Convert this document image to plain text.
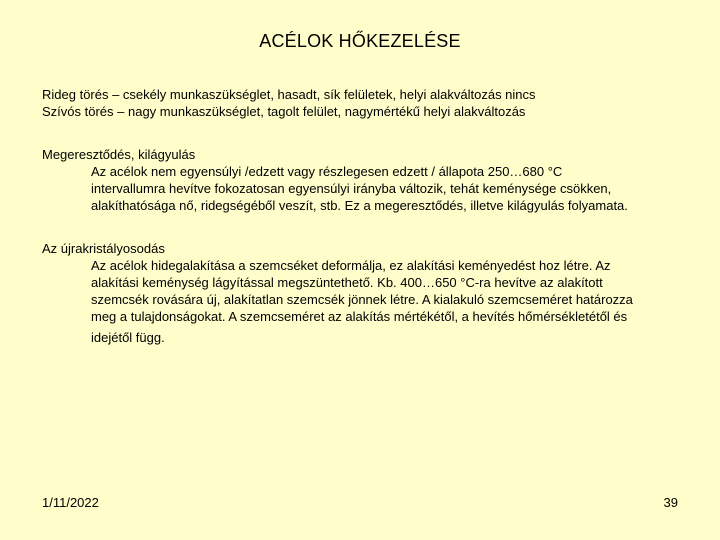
ACÉLOK HŐKEZELÉSE
Rideg törés – csekély munkaszükséglet, hasadt, sík felületek, helyi alakváltozás nincs
Szívós törés – nagy munkaszükséglet, tagolt felület, nagymértékű helyi alakváltozás
Megeresztődés, kilágyulás
Az acélok nem egyensúlyi /edzett vagy részlegesen edzett / állapota 250…680 °C
intervallumra hevítve fokozatosan egyensúlyi irányba változik, tehát keménysége csökken,
alakíthatósága nő, ridegségéből veszít, stb. Ez a megeresztődés, illetve kilágyulás folyamata.
Az újrakristályosodás
Az acélok hidegalakítása a szemcséket deformálja, ez alakítási keményedést hoz létre. Az
alakítási keménység lágyítással megszüntethető. Kb. 400…650 °C-ra hevítve az alakított
szemcsék rovására új, alakítatlan szemcsék jönnek létre. A kialakuló szemcseméret határozza
meg a tulajdonságokat. A szemcseméret az alakítás mértékétől, a hevítés hőmérsékletétől és
idejétől függ.
1/11/2022	39
